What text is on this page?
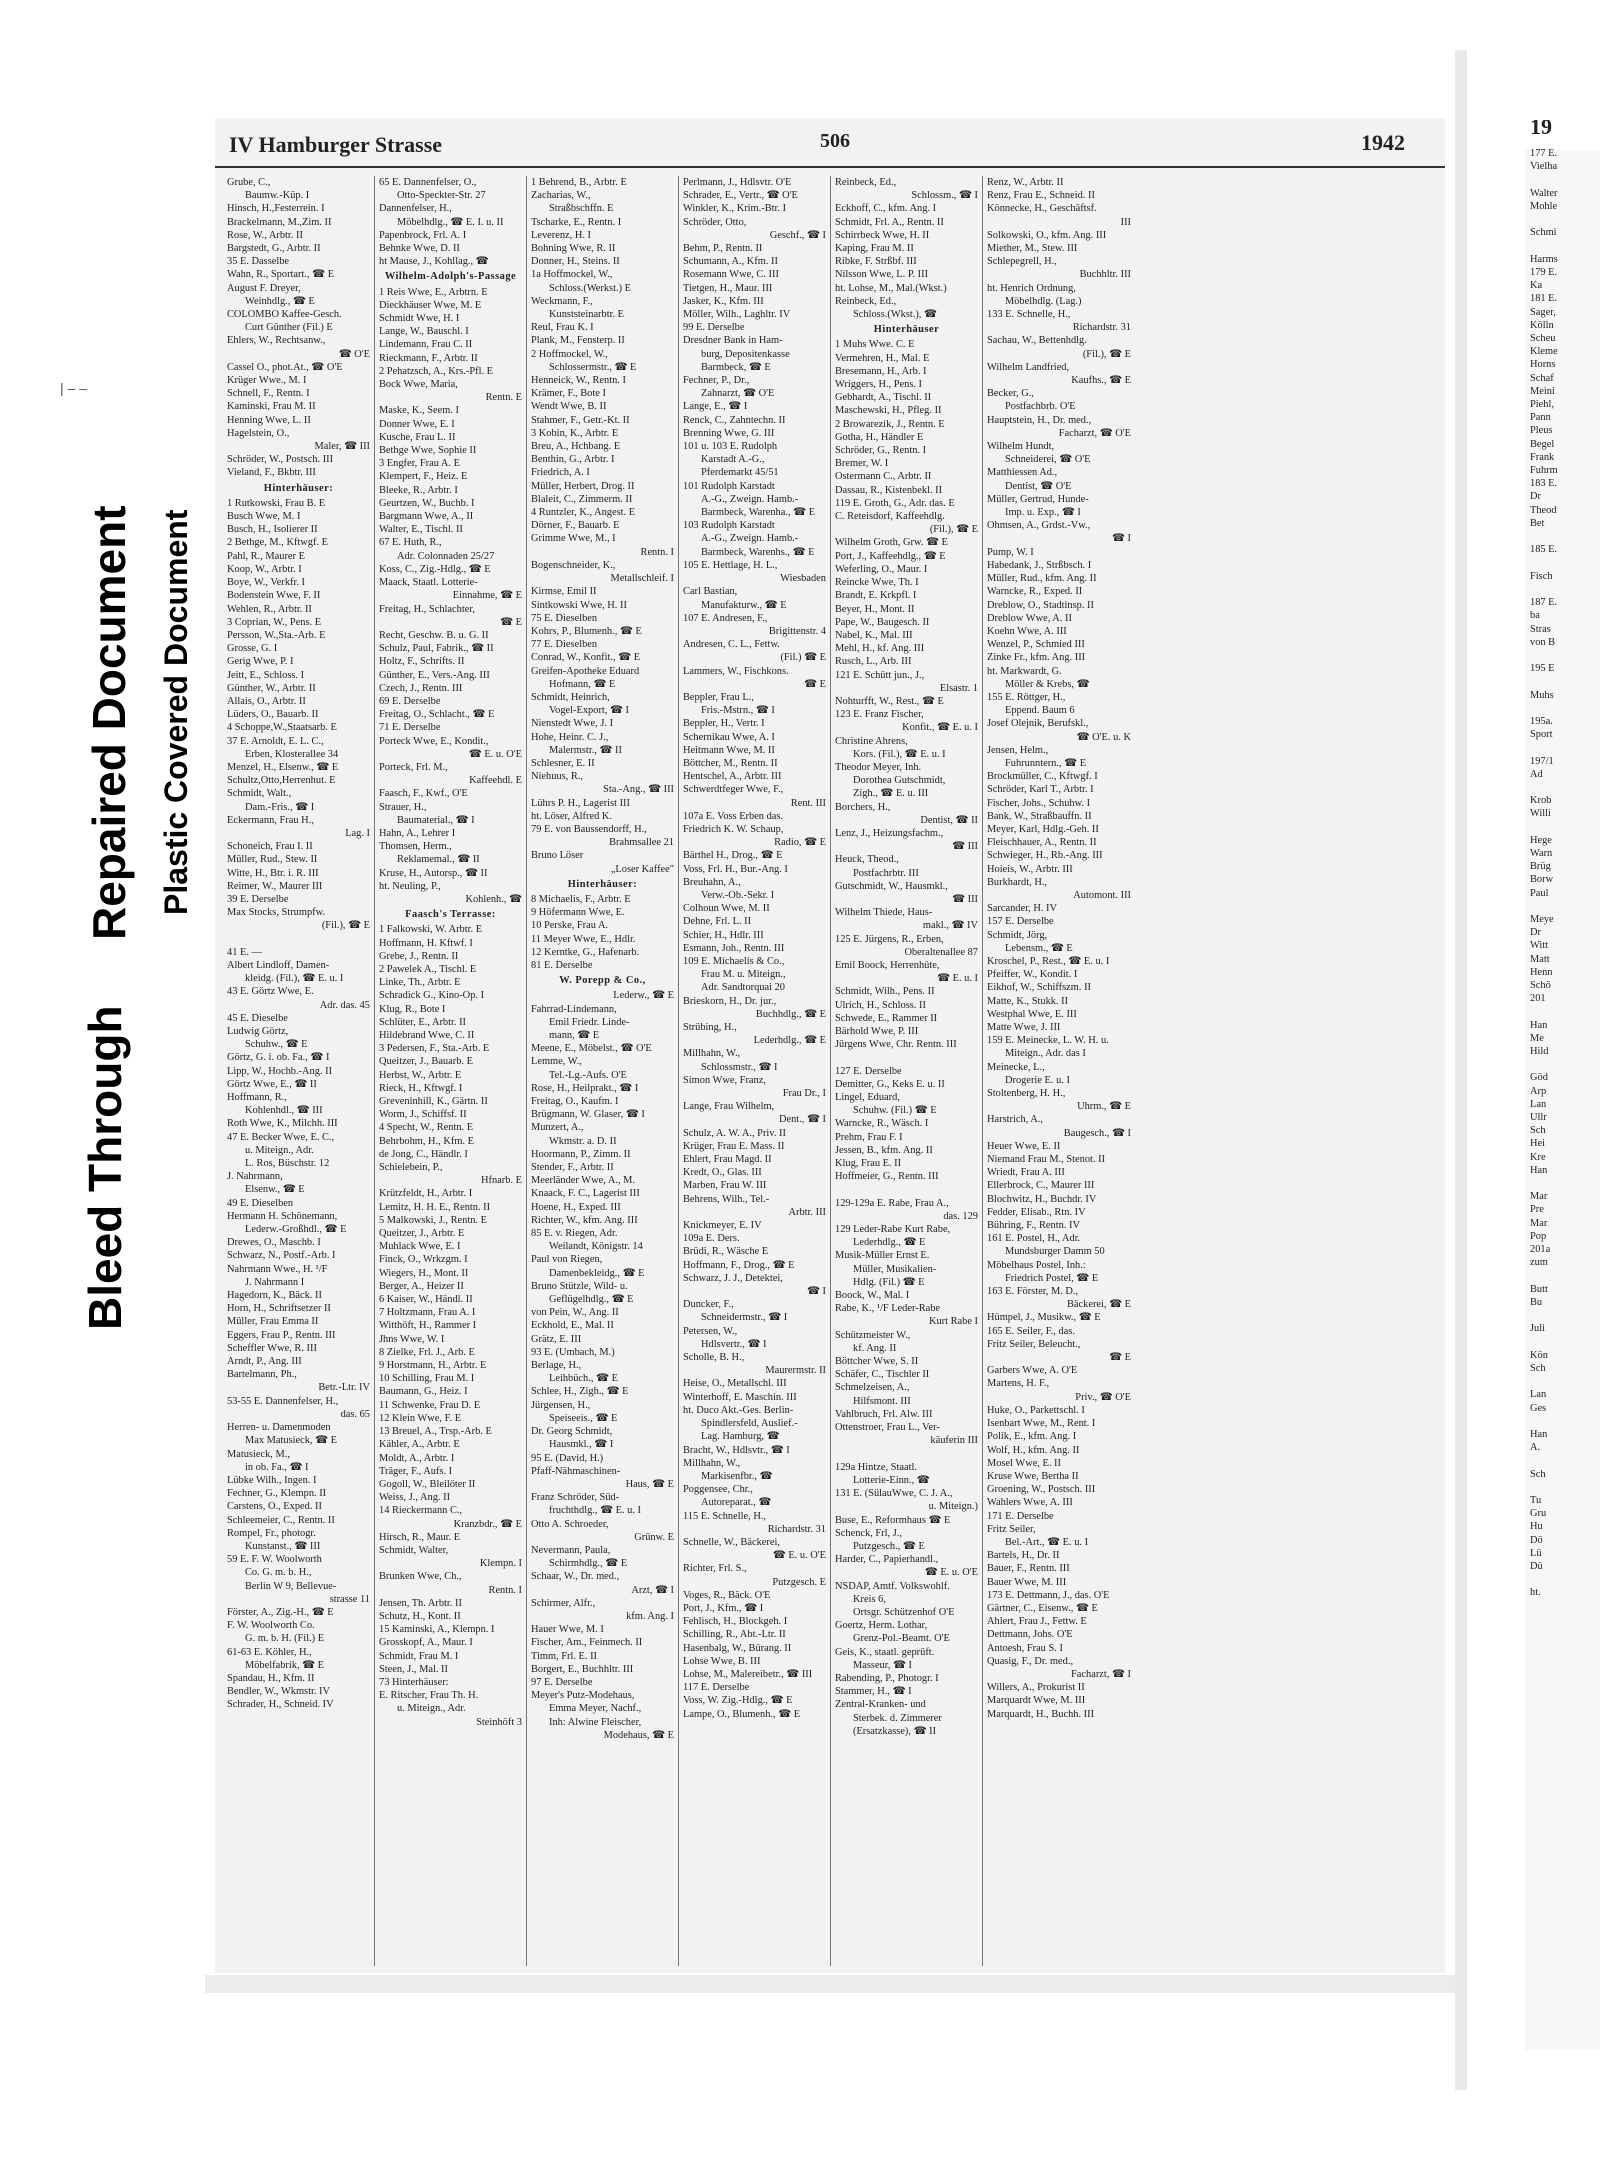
| – –
Bleed Through
Repaired Document Plastic Covered Document
IV Hamburger Strasse	506	1942
Grube, C.,
Baumw.-Küp. I
Hinsch, H.,Festerrein. I
Brackelmann, M.,Zim. II
Rose, W., Arbtr. II
Bargstedt, G., Arbtr. II
35 E. Dasselbe
Wahn, R., Sportart., ☎ E
August F. Dreyer,
Weinhdlg., ☎ E
COLOMBO Kaffee-Gesch.
Curt Günther (Fil.) E
Ehlers, W., Rechtsanw.,
☎ O'E
Cassel O., phot.At., ☎ O'E
Krüger Wwe., M. I
Schnell, F., Rentn. I
Kaminski, Frau M. II
Henning Wwe, L. II
Hagelstein, O.,
Maler, ☎ III
Schröder, W., Postsch. III
Vieland, F., Bkbtr. III
Hinterhäuser:
1 Rutkowski, Frau B. E
Busch Wwe, M. I
Busch, H., Isolierer II
2 Bethge, M., Kftwgf. E
Pahl, R., Maurer E
Koop, W., Arbtr. I
Boye, W., Verkfr. I
Bodenstein Wwe, F. II
Wehlen, R., Arbtr. II
3 Coprian, W., Pens. E
Persson, W.,Sta.-Arb. E
Grosse, G. I
Gerig Wwe, P. I
Jeitt, E., Schloss. I
Günther, W., Arbtr. II
Allais, O., Arbtr. II
Lüders, O., Bauarb. II
4 Schoppe,W.,Staatsarb. E
37 E. Arnoldt, E. L. C.,
Erben, Klosterallee 34
Menzel, H., Elsenw., ☎ E
Schultz,Otto,Herrenhut. E
Schmidt, Walt.,
Dam.-Fris., ☎ I
Eckermann, Frau H.,
Lag. I
Schoneich, Frau I. II
Müller, Rud., Stew. II
Witte, H., Btr. i. R. III
Reimer, W., Maurer III
39 E. Derselbe
Max Stocks, Strumpfw.
(Fil.), ☎ E

41 E. —
Albert Lindloff, Damen-
kleidg. (Fil.), ☎ E. u. I
43 E. Görtz Wwe, E.
Adr. das. 45
45 E. Dieselbe
Ludwig Görtz,
Schuhw., ☎ E
Görtz, G. i. ob. Fa., ☎ I
Lipp, W., Hochb.-Ang. II
Görtz Wwe, E., ☎ II
Hoffmann, R.,
Kohlenhdl., ☎ III
Roth Wwe, K., Milchh. III
47 E. Becker Wwe, E. C.,
u. Miteign., Adr.
L. Ros, Büschstr. 12
J. Nahrmann,
Elsenw., ☎ E
49 E. Dieselben
Hermann H. Schönemann,
Lederw.-Großhdl., ☎ E
Drewes, O., Maschb. I
Schwarz, N., Postf.-Arb. I
Nahrmann Wwe., H. ¹/F
J. Nahrmann I
Hagedorn, K., Bäck. II
Horn, H., Schriftsetzer II
Müller, Frau Emma II
Eggers, Frau P., Rentn. III
Scheffler Wwe, R. III
Arndt, P., Ang. III
Bartelmann, Ph.,
Betr.-Ltr. IV
53-55 E. Dannenfelser, H.,
das. 65
Herren- u. Damenmoden
Max Matusieck, ☎ E
Matusieck, M.,
in ob. Fa., ☎ I
Lübke Wilh., Ingen. I
Fechner, G., Klempn. II
Carstens, O., Exped. II
Schleemeier, C., Rentn. II
Rompel, Fr., photogr.
Kunstanst., ☎ III
59 E. F. W. Woolworth
Co. G. m. b. H.,
Berlin W 9, Bellevue-
strasse 11
Förster, A., Zig.-H., ☎ E
F. W. Woolworth Co.
G. m. b. H. (Fil.) E
61-63 E. Köhler, H.,
Möbelfabrik, ☎ E
Spandau, H., Kfm. II
Bendler, W., Wkmstr. IV
Schrader, H., Schneid. IV
65 E. Dannenfelser, O.,
Otto-Speckter-Str. 27
Dannenfelser, H.,
Möbelhdlg., ☎ E. I. u. II
Papenbrock, Frl. A. I
Behnke Wwe, D. II
ht Mause, J., Kohllag., ☎
Wilhelm-Adolph's-Passage
1 Reis Wwe, E., Arbtrn. E
Dieckhäuser Wwe, M. E
Schmidt Wwe, H. I
Lange, W., Bauschl. I
Lindemann, Frau C. II
Rieckmann, F., Arbtr. II
2 Pehatzsch, A., Krs.-Pfl. E
Bock Wwe, Maria,
Rentn. E
Maske, K., Seem. I
Donner Wwe, E. I
Kusche, Frau L. II
Bethge Wwe, Sophie II
3 Engfer, Frau A. E
Klempert, F., Heiz. E
Bleeke, R., Arbtr. I
Geurtzen, W., Buchb. I
Bargmann Wwe, A., II
Walter, E., Tischl. II
67 E. Huth, R.,
Adr. Colonnaden 25/27
Koss, C., Zig.-Hdlg., ☎ E
Maack, Staatl. Lotterie-
Einnahme, ☎ E
Freitag, H., Schlachter,
☎ E
Recht, Geschw. B. u. G. II
Schulz, Paul, Fabrik., ☎ II
Holtz, F., Schrifts. II
Günther, E., Vers.-Ang. III
Czech, J., Rentn. III
69 E. Derselbe
Freitag, O., Schlacht., ☎ E
71 E. Derselbe
Porteck Wwe, E., Kondit.,
☎ E. u. O'E
Porteck, Frl. M.,
Kaffeehdl. E
Faasch, F., Kwf., O'E
Strauer, H.,
Baumaterial., ☎ I
Hahn, A., Lehrer I
Thomsen, Herm.,
Reklamemal., ☎ II
Kruse, H., Autorsp., ☎ II
ht. Neuling, P.,
Kohlenh., ☎
Faasch's Terrasse:
1 Falkowski, W. Arbtr. E
Hoffmann, H. Kftwf. I
Grebe, J., Rentn. II
2 Pawelek A., Tischl. E
Linke, Th., Arbtr. E
Schradick G., Kino-Op. I
Klug, R., Bote I
Schlüter, E., Arbtr. II
Hildebrand Wwe, C. II
3 Pedersen, F., Sta.-Arb. E
Queitzer, J., Bauarb. E
Herbst, W., Arbtr. E
Rieck, H., Kftwgf. I
Greveninhill, K., Gärtn. II
Worm, J., Schiffsf. II
4 Specht, W., Rentn. E
Behrbohm, H., Kfm. E
de Jong, C., Händlr. I
Schielebein, P.,
Hfnarb. E
Krützfeldt, H., Arbtr. I
Lemitz, H. H. E., Rentn. II
5 Malkowski, J., Rentn. E
Queitzer, J., Arbtr. E
Muhlack Wwe, E. I
Finck, O., Wrkzgm. I
Wiegers, H., Mont. II
Berger, A., Heizer II
6 Kaiser, W., Händl. II
7 Holtzmann, Frau A. I
Witthöft, H., Rammer I
Jhns Wwe, W. I
8 Zielke, Frl. J., Arb. E
9 Horstmann, H., Arbtr. E
10 Schilling, Frau M. I
Baumann, G., Heiz. I
11 Schwenke, Frau D. E
12 Klein Wwe, F. E
13 Breuel, A., Trsp.-Arb. E
Kähler, A., Arbtr. E
Moldt, A., Arbtr. I
Träger, F., Aufs. I
Gogoll, W., Bleilöter II
Weiss, J., Ang. II
14 Rieckermann C.,
Kranzbdr., ☎ E
Hirsch, R., Maur. E
Schmidt, Walter,
Klempn. I
Brunken Wwe, Ch.,
Rentn. I
Jensen, Th. Arbtr. II
Schutz, H., Kont. II
15 Kaminski, A., Klempn. I
Grosskopf, A., Maur. I
Schmidt, Frau M. I
Steen, J., Mal. II
73 Hinterhäuser:
E. Ritscher, Frau Th. H.
u. Miteign., Adr.
Steinhöft 3
1 Behrend, B., Arbtr. E
Zacharias, W.,
Straßbschffn. E
Tscharke, E., Rentn. I
Leverenz, H. I
Bohning Wwe, R. II
Donner, H., Steins. II
1a Hoffmockel, W.,
Schloss.(Werkst.) E
Weckmann, F.,
Kunststeinarbtr. E
Reul, Frau K. I
Plank, M., Fensterp. II
2 Hoffmockel, W.,
Schlossermstr., ☎ E
Henneick, W., Rentn. I
Krämer, F., Bote I
Wendt Wwe, B. II
Stahmer, F., Getr.-Kt. II
3 Kobin, K., Arbtr. E
Breu, A., Hchbang. E
Benthin, G., Arbtr. I
Friedrich, A. I
Müller, Herbert, Drog. II
Blaleit, C., Zimmerm. II
4 Runtzler, K., Angest. E
Dörner, F., Bauarb. E
Grimme Wwe, M., I
Rentn. I
Bogenschneider, K.,
Metallschleif. I
Kirmse, Emil II
Sintkowski Wwe, H. II
75 E. Dieselben
Kohrs, P., Blumenh., ☎ E
77 E. Dieselben
Conrad, W., Konfit., ☎ E
Greifen-Apotheke Eduard
Hofmann, ☎ E
Schmidt, Heinrich,
Vogel-Export, ☎ I
Nienstedt Wwe, J. I
Hohe, Heinr. C. J.,
Malermstr., ☎ II
Schlesner, E. II
Niehuus, R.,
Sta.-Ang., ☎ III
Lührs P. H., Lagerist III
ht. Löser, Alfred K.
79 E. von Baussendorff, H.,
Brahmsallee 21
Bruno Löser
„Loser Kaffee"
Hinterhäuser:
8 Michaelis, F., Arbtr. E
9 Höfermann Wwe, E.
10 Perske, Frau A.
11 Meyer Wwe, E., Hdlr.
12 Kerntke, G., Hafenarb.
81 E. Derselbe
W. Porepp & Co.,
Lederw., ☎ E
Fahrrad-Lindemann,
Emil Friedr. Linde-
mann, ☎ E
Meene, E., Möbelst., ☎ O'E
Lemme, W.,
Tel.-Lg.-Aufs. O'E
Rose, H., Heilprakt., ☎ I
Freitag, O., Kaufm. I
Brügmann, W. Glaser, ☎ I
Munzert, A.,
Wkmstr. a. D. II
Hoormann, P., Zimm. II
Stender, F., Arbtr. II
Meerländer Wwe, A., M.
Knaack, F. C., Lagerist III
Hoene, H., Exped. III
Richter, W., kfm. Ang. III
85 E. v. Riegen, Adr.
Weilandt, Königstr. 14
Paul von Riegen,
Damenbekleidg., ☎ E
Bruno Stützle, Wild- u.
Geflügelhdlg., ☎ E
von Pein, W., Ang. II
Eckhold, E., Mal. II
Grätz, E. III
93 E. (Umbach, M.)
Berlage, H.,
Leihbüch., ☎ E
Schlee, H., Zigh., ☎ E
Jürgensen, H.,
Speiseeis., ☎ E
Dr. Georg Schmidt,
Hausmkl., ☎ I
95 E. (David, H.)
Pfaff-Nähmaschinen-
Haus, ☎ E
Franz Schröder, Süd-
fruchthdlg., ☎ E. u. I
Otto A. Schroeder,
Grünw. E
Nevermann, Paula,
Schirmhdlg., ☎ E
Schaar, W., Dr. med.,
Arzt, ☎ I
Schirmer, Alfr.,
kfm. Ang. I
Hauer Wwe, M. I
Fischer, Am., Feinmech. II
Timm, Frl. E. II
Borgert, E., Buchhltr. III
97 E. Derselbe
Meyer's Putz-Modehaus,
Emma Meyer, Nachf.,
Inh: Alwine Fleischer,
Modehaus, ☎ E
Perlmann, J., Hdlsvtr. O'E
Schrader, E., Vertr., ☎ O'E
Winkler, K., Krim.-Btr. I
Schröder, Otto,
Geschf., ☎ I
Behm, P., Rentn. II
Schumann, A., Kfm. II
Rosemann Wwe, C. III
Tietgen, H., Maur. III
Jasker, K., Kfm. III
Möller, Wilh., Laghltr. IV
99 E. Derselbe
Dresdner Bank in Ham-
burg, Depositenkasse
Barmbeck, ☎ E
Fechner, P., Dr.,
Zahnarzt, ☎ O'E
Lange, E., ☎ I
Renck, C., Zahntechn. II
Brenning Wwe, G. III
101 u. 103 E. Rudolph
Karstadt A.-G.,
Pferdemarkt 45/51
101 Rudolph Karstadt
A.-G., Zweign. Hamb.-
Barmbeck, Warenha., ☎ E
103 Rudolph Karstadt
A.-G., Zweign. Hamb.-
Barmbeck, Warenhs., ☎ E
105 E. Hettlage, H. L.,
Wiesbaden
Carl Bastian,
Manufakturw., ☎ E
107 E. Andresen, F.,
Brigittenstr. 4
Andresen, C. L., Fettw.
(Fil.) ☎ E
Lammers, W., Fischkons.
☎ E
Beppler, Frau L.,
Fris.-Mstrn., ☎ I
Beppler, H., Vertr. I
Schernikau Wwe, A. I
Heitmann Wwe, M. II
Böttcher, M., Rentn. II
Hentschel, A., Arbtr. III
Schwerdtfeger Wwe, F.,
Rent. III
107a E. Voss Erben das.
Friedrich K. W. Schaup,
Radio, ☎ E
Bärthel H., Drog., ☎ E
Voss, Frl. H., Bur.-Ang. I
Breuhahn, A.,
Verw.-Ob.-Sekr. I
Colhoun Wwe, M. II
Dehne, Frl. L. II
Schier, H., Hdlr. III
Esmann, Joh., Rentn. III
109 E. Michaelis & Co.,
Frau M. u. Miteign.,
Adr. Sandtorquai 20
Brieskorn, H., Dr. jur.,
Buchhdlg., ☎ E
Strübing, H.,
Lederhdlg., ☎ E
Millhahn, W.,
Schlossmstr., ☎ I
Simon Wwe, Franz,
Frau Dr., I
Lange, Frau Wilhelm,
Dent., ☎ I
Schulz, A. W. A., Priv. II
Krüger, Frau E. Mass. II
Ehlert, Frau Magd. II
Kredt, O., Glas. III
Marben, Frau W. III
Behrens, Wilh., Tel.-
Arbtr. III
Knickmeyer, E. IV
109a E. Ders.
Brüdi, R., Wäsche E
Hoffmann, F., Drog., ☎ E
Schwarz, J. J., Detektei,
☎ I
Duncker, F.,
Schneidermstr., ☎ I
Petersen, W.,
Hdlsvertr., ☎ I
Scholle, B. H.,
Maurermstr. II
Heise, O., Metallschl. III
Winterhoff, E. Maschin. III
ht. Duco Akt.-Ges. Berlin-
Spindlersfeld, Auslief.-
Lag. Hamburg, ☎
Bracht, W., Hdlsvtr., ☎ I
Millhahn, W.,
Markisenfbr., ☎
Poggensee, Chr.,
Autoreparat., ☎
115 E. Schnelle, H.,
Richardstr. 31
Schnelle, W., Bäckerei,
☎ E. u. O'E
Richter, Frl. S.,
Putzgesch. E
Voges, R., Bäck. O'E
Port, J., Kfm., ☎ I
Fehlisch, H., Blockgeh. I
Schilling, R., Abt.-Ltr. II
Hasenbalg, W., Bürang. II
Lohse Wwe, B. III
Lohse, M., Malereibetr., ☎ III
117 E. Derselbe
Voss, W. Zig.-Hdlg., ☎ E
Lampe, O., Blumenh., ☎ E
Reinbeck, Ed.,
Schlossm., ☎ I
Eckhoff, C., kfm. Ang. I
Schmidt, Frl. A., Rentn. II
Schirrbeck Wwe, H. II
Kaping, Frau M. II
Ribke, F. Strßbf. III
Nilsson Wwe, L. P. III
ht. Lohse, M., Mal.(Wkst.)
Reinbeck, Ed.,
Schloss.(Wkst.), ☎
Hinterhäuser
1 Muhs Wwe. C. E
Vermehren, H., Mal. E
Bresemann, H., Arb. I
Wriggers, H., Pens. I
Gebhardt, A., Tischl. II
Maschewski, H., Pfleg. II
2 Browarezik, J., Rentn. E
Gotha, H., Händler E
Schröder, G., Rentn. I
Bremer, W. I
Ostermann C., Arbtr. II
Dassau, R., Kistenbekl. II
119 E. Groth, G., Adr. das. E
C. Reteisdorf, Kaffeehdlg.
(Fil.), ☎ E
Wilhelm Groth, Grw. ☎ E
Port, J., Kaffeehdlg., ☎ E
Weferling, O., Maur. I
Reincke Wwe, Th. I
Brandt, E. Krkpfl. I
Beyer, H., Mont. II
Pape, W., Baugesch. II
Nabel, K., Mal. III
Mehl, H., kf. Ang. III
Rusch, L., Arb. III
121 E. Schütt jun., J.,
Elsastr. 1
Nohturfft, W., Rest., ☎ E
123 E. Franz Fischer,
Konfit., ☎ E. u. I
Christine Ahrens,
Kors. (Fil.), ☎ E. u. I
Theodor Meyer, Inh.
Dorothea Gutschmidt,
Zigh., ☎ E. u. III
Borchers, H.,
Dentist, ☎ II
Lenz, J., Heizungsfachm.,
☎ III
Heuck, Theod.,
Postfachrbtr. III
Gutschmidt, W., Hausmkl.,
☎ III
Wilhelm Thiede, Haus-
makl., ☎ IV
125 E. Jürgens, R., Erben,
Oberaltenallee 87
Emil Boock, Herrenhüte,
☎ E. u. I
Schmidt, Wilh., Pens. II
Ulrich, H., Schloss. II
Schwede, E., Rammer II
Bärhold Wwe, P. III
Jürgens Wwe, Chr. Rentn. III

127 E. Derselbe
Demitter, G., Keks E. u. II
Lingel, Eduard,
Schuhw. (Fil.) ☎ E
Warncke, R., Wäsch. I
Prehm, Frau F. I
Jessen, B., kfm. Ang. II
Klug, Frau E. II
Hoffmeier, G., Rentn. III

129-129a E. Rabe, Frau A.,
das. 129
129 Leder-Rabe Kurt Rabe,
Lederhdlg., ☎ E
Musik-Müller Ernst E.
Müller, Musikalien-
Hdlg. (Fil.) ☎ E
Boock, W., Mal. I
Rabe, K., ¹/F Leder-Rabe
Kurt Rabe I
Schützmeister W.,
kf. Ang. II
Böttcher Wwe, S. II
Schäfer, C., Tischler II
Schmelzeisen, A.,
Hilfsmont. III
Vahlbruch, Frl. Alw. III
Ottenstroer, Frau L., Ver-
käuferin III

129a Hintze, Staatl.
Lotterie-Einn., ☎
131 E. (SülauWwe, C. J. A.,
u. Miteign.)
Buse, E., Reformhaus ☎ E
Schenck, Frl, J.,
Putzgesch., ☎ E
Harder, C., Papierhandl.,
☎ E. u. O'E
NSDAP, Amtf. Volkswohlf.
Kreis 6,
Ortsgr. Schützenhof O'E
Goertz, Herm. Lothar,
Grenz-Pol.-Beamt. O'E
Geis, K., staatl. geprüft.
Masseur, ☎ I
Rabending, P., Photogr. I
Stammer, H., ☎ I
Zentral-Kranken- und
Sterbek. d. Zimmerer
(Ersatzkasse), ☎ II
Renz, W., Arbtr. II
Renz, Frau E., Schneid. II
Könnecke, H., Geschäftsf.
III
Solkowski, O., kfm. Ang. III
Miether, M., Stew. III
Schlepegrell, H.,
Buchhltr. III
ht. Henrich Ordnung,
Möbelhdlg. (Lag.)
133 E. Schnelle, H.,
Richardstr. 31
Sachau, W., Bettenhdlg.
(Fil.), ☎ E
Wilhelm Landfried,
Kaufhs., ☎ E
Becker, G.,
Postfachbrb. O'E
Hauptstein, H., Dr. med.,
Facharzt, ☎ O'E
Wilhelm Hundt,
Schneiderei, ☎ O'E
Matthiessen Ad.,
Dentist, ☎ O'E
Müller, Gertrud, Hunde-
Imp. u. Exp., ☎ I
Ohmsen, A., Grdst.-Vw.,
☎ I
Pump, W. I
Habedank, J., Strßbsch. I
Müller, Rud., kfm. Ang. II
Warncke, R., Exped. II
Dreblow, O., Stadtinsp. II
Dreblow Wwe, A. II
Koehn Wwe, A. III
Wenzel, P., Schmied III
Zinke Fr., kfm. Ang. III
ht. Markwardt, G.
Möller & Krebs, ☎
155 E. Röttger, H.,
Eppend. Baum 6
Josef Olejnik, Berufskl.,
☎ O'E. u. K
Jensen, Helm.,
Fuhrunntern., ☎ E
Brockmüller, C., Kftwgf. I
Schröder, Karl T., Arbtr. I
Fischer, Johs., Schuhw. I
Bank, W., Straßbauffn. II
Meyer, Karl, Hdlg.-Geh. II
Fleischhauer, A., Rentn. II
Schwieger, H., Rb.-Ang. III
Hoieis, W., Arbtr. III
Burkhardt, H.,
Automont. III
Sarcander, H. IV
157 E. Derselbe
Schmidt, Jörg,
Lebensm., ☎ E
Kroschel, P., Rest., ☎ E. u. I
Pfeiffer, W., Kondit. I
Eikhof, W., Schiffszm. II
Matte, K., Stukk. II
Westphal Wwe, E. III
Matte Wwe, J. III
159 E. Meinecke, L. W. H. u.
Miteign., Adr. das I
Meinecke, L.,
Drogerie E. u. I
Stoltenberg, H. H.,
Uhrm., ☎ E
Harstrich, A.,
Baugesch., ☎ I
Heuer Wwe, E. II
Niemand Frau M., Stenot. II
Wriedt, Frau A. III
Ellerbrock, C., Maurer III
Blochwitz, H., Buchdr. IV
Fedder, Elisab., Rtn. IV
Bühring, F., Rentn. IV
161 E. Postel, H., Adr.
Mundsburger Damm 50
Möbelhaus Postel, Inh.:
Friedrich Postel, ☎ E
163 E. Förster, M. D.,
Bäckerei, ☎ E
Hümpel, J., Musikw., ☎ E
165 E. Seiler, F., das.
Fritz Seiler, Beleucht.,
☎ E
Garbers Wwe, A. O'E
Martens, H. F.,
Priv., ☎ O'E
Huke, O., Parkettschl. I
Isenbart Wwe, M., Rent. I
Polik, E., kfm. Ang. I
Wolf, H., kfm. Ang. II
Mosel Wwe, E. II
Kruse Wwe, Bertha II
Groening, W., Postsch. III
Wahlers Wwe, A. III
171 E. Derselbe
Fritz Seiler,
Bel.-Art., ☎ E. u. I
Bartels, H., Dr. II
Bauer, F., Rentn. III
Bauer Wwe, M. III
173 E. Dettmann, J., das. O'E
Gärtner, C., Eisenw., ☎ E
Ahlert, Frau J., Fettw. E
Dettmann, Johs. O'E
Antoesh, Frau S. I
Quasig, F., Dr. med.,
Facharzt, ☎ I
Willers, A., Prokurist II
Marquardt Wwe, M. III
Marquardt, H., Buchh. III
19
177 E.
Vielha

Walter
Mohle

Schmi

Harms
179 E.
Ka
181 E.
Sager,
Kölln
Scheu
Kleme
Horns
Schaf
Meini
Piehl,
Pann
Pleus
Begel
Frank
Fuhrm
183 E.
Dr
Theod
Bet

185 E.

Fisch

187 E.
ba
Stras
von B

195 E

Muhs

195a.
Sport

197/1
Ad

Krob
Willi

Hege
Warn
Brüg
Borw
Paul

Meye
Dr
Witt
Matt
Henn
Schö
201

Han
Me
Hild

Göd
Arp
Lan
Ullr
Sch
Hei
Kre
Han

Mar
Pre
Mar
Pop
201a
zum

Butt
Bu

Juli

Kön
Sch

Lan
Ges

Han
A.

Sch

Tu
Gru
Hu
Dö
Lü
Dü

ht.
